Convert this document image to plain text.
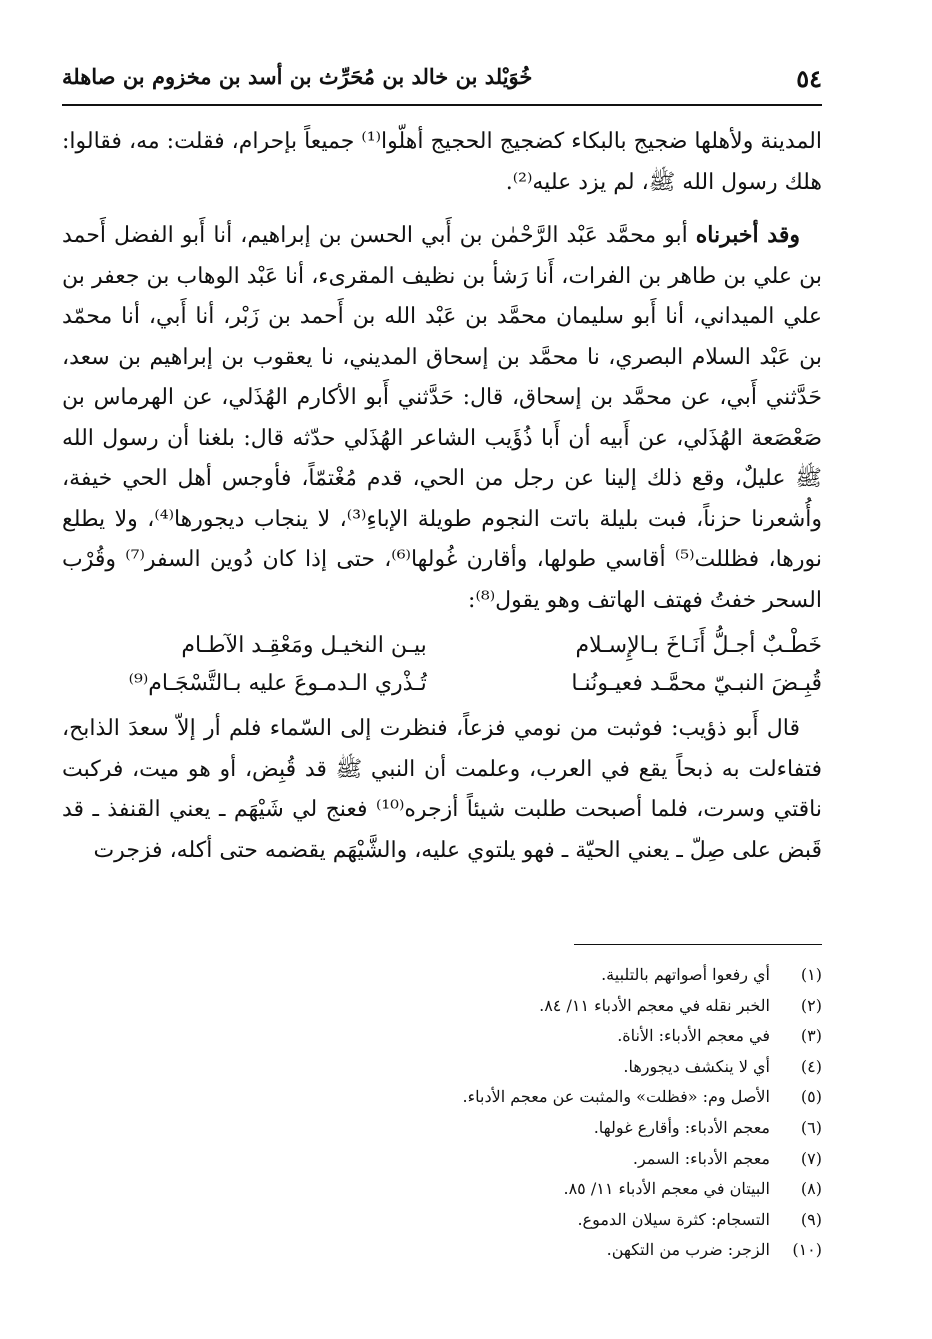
٥٤
خُوَيْلد بن خالد بن مُحَرِّث بن أسد بن مخزوم بن صاهلة

المدينة ولأهلها ضجيج بالبكاء كضجيج الحجيج أهلّوا⁽¹⁾ جميعاً بإحرام، فقلت: مه، فقالوا: هلك رسول الله ﷺ، لم يزد عليه⁽²⁾.

وقد أخبرناه أبو محمَّد عَبْد الرَّحْمٰن بن أَبي الحسن بن إبراهيم، أنا أَبو الفضل أَحمد بن علي بن طاهر بن الفرات، أَنا رَشأ بن نظيف المقرىء، أنا عَبْد الوهاب بن جعفر بن علي الميداني، أنا أَبو سليمان محمَّد بن عَبْد الله بن أَحمد بن زَبْر، أنا أَبي، أنا محمّد بن عَبْد السلام البصري، نا محمَّد بن إسحاق المديني، نا يعقوب بن إبراهيم بن سعد، حَدَّثني أَبي، عن محمَّد بن إسحاق، قال: حَدَّثني أَبو الأكارم الهُذَلي، عن الهرماس بن صَعْصَعة الهُذَلي، عن أَبيه أن أَبا ذُؤَيب الشاعر الهُذَلي حدّثه قال: بلغنا أن رسول الله ﷺ عليلٌ، وقع ذلك إلينا عن رجل من الحي، قدم مُغْتمّاً، فأوجس أهل الحي خيفة، وأُشعرنا حزناً، فبت بليلة باتت النجوم طويلة الإباءِ⁽³⁾، لا ينجاب ديجورها⁽⁴⁾، ولا يطلع نورها، فظللت⁽⁵⁾ أقاسي طولها، وأقارن غُولها⁽⁶⁾، حتى إذا كان دُوين السفر⁽⁷⁾ وقُرْب السحر خفتُ فهتف الهاتف وهو يقول⁽⁸⁾:

خَطْـبٌ أجـلُّ أَنَـاخَ بـالإِسـلام
بيـن النخيـل ومَعْقِـد الآطـام
قُبِـضَ النبـيّ محمَّـد فعيـونُنـا
تُـذْري الـدمـوعَ عليه بـالتَّسْجَـام⁽⁹⁾

قال أَبو ذؤيب: فوثبت من نومي فزعاً، فنظرت إلى السّماء فلم أر إلاّ سعدَ الذابح، فتفاءلت به ذبحاً يقع في العرب، وعلمت أن النبي ﷺ قد قُبِض، أو هو ميت، فركبت ناقتي وسرت، فلما أصبحت طلبت شيئاً أزجره⁽¹⁰⁾ فعنج لي شَيْهَم ـ يعني القنفذ ـ قد قَبض على صِلّ ـ يعني الحيّة ـ فهو يلتوي عليه، والشَّيْهَم يقضمه حتى أكله، فزجرت

(١)
أي رفعوا أصواتهم بالتلبية.
(٢)
الخبر نقله في معجم الأدباء ١١/ ٨٤.
(٣)
في معجم الأدباء: الأناة.
(٤)
أي لا ينكشف ديجورها.
(٥)
الأصل وم: «فظلت» والمثبت عن معجم الأدباء.
(٦)
معجم الأدباء: وأقارع غولها.
(٧)
معجم الأدباء: السمر.
(٨)
البيتان في معجم الأدباء ١١/ ٨٥.
(٩)
التسجام: كثرة سيلان الدموع.
(١٠)
الزجر: ضرب من التكهن.
